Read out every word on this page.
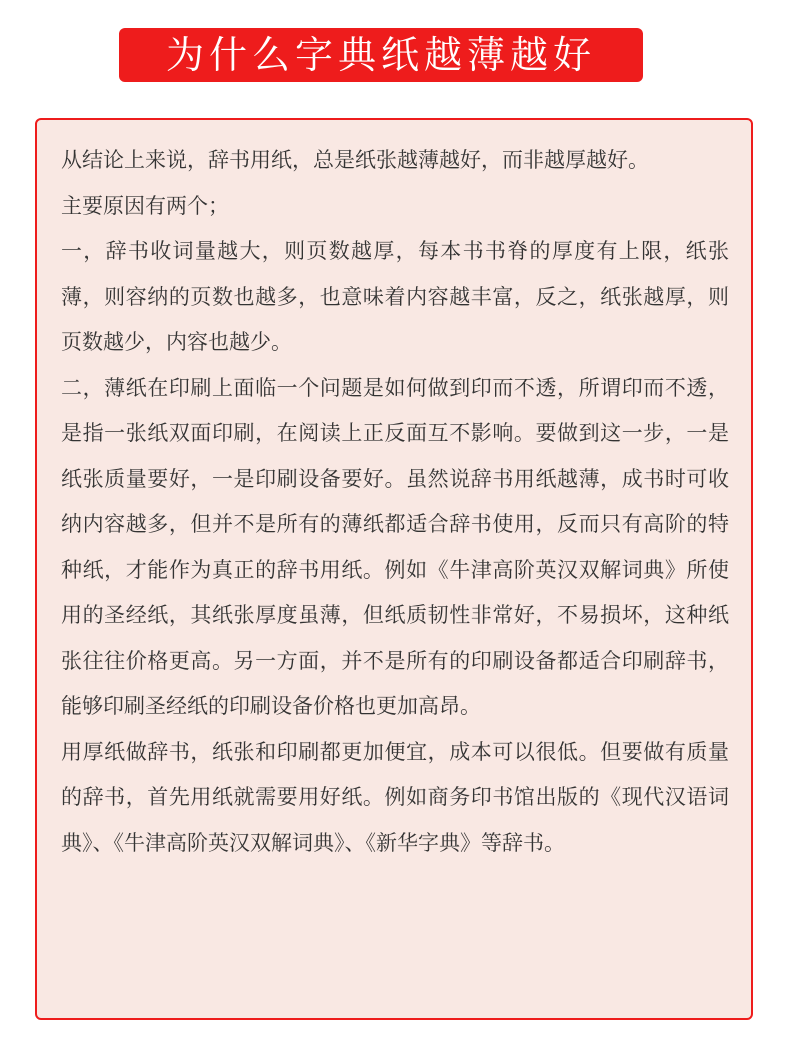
为什么字典纸越薄越好

从结论上来说，辞书用纸，总是纸张越薄越好，而非越厚越好。

主要原因有两个；

一，辞书收词量越大，则页数越厚，每本书书脊的厚度有上限，纸张薄，则容纳的页数也越多，也意味着内容越丰富，反之，纸张越厚，则页数越少，内容也越少。

二，薄纸在印刷上面临一个问题是如何做到印而不透，所谓印而不透，是指一张纸双面印刷，在阅读上正反面互不影响。要做到这一步，一是纸张质量要好，一是印刷设备要好。虽然说辞书用纸越薄，成书时可收纳内容越多，但并不是所有的薄纸都适合辞书使用，反而只有高阶的特种纸，才能作为真正的辞书用纸。例如《牛津高阶英汉双解词典》所使用的圣经纸，其纸张厚度虽薄，但纸质韧性非常好，不易损坏，这种纸张往往价格更高。另一方面，并不是所有的印刷设备都适合印刷辞书，能够印刷圣经纸的印刷设备价格也更加高昂。

用厚纸做辞书，纸张和印刷都更加便宜，成本可以很低。但要做有质量的辞书，首先用纸就需要用好纸。例如商务印书馆出版的《现代汉语词典》、《牛津高阶英汉双解词典》、《新华字典》等辞书。
